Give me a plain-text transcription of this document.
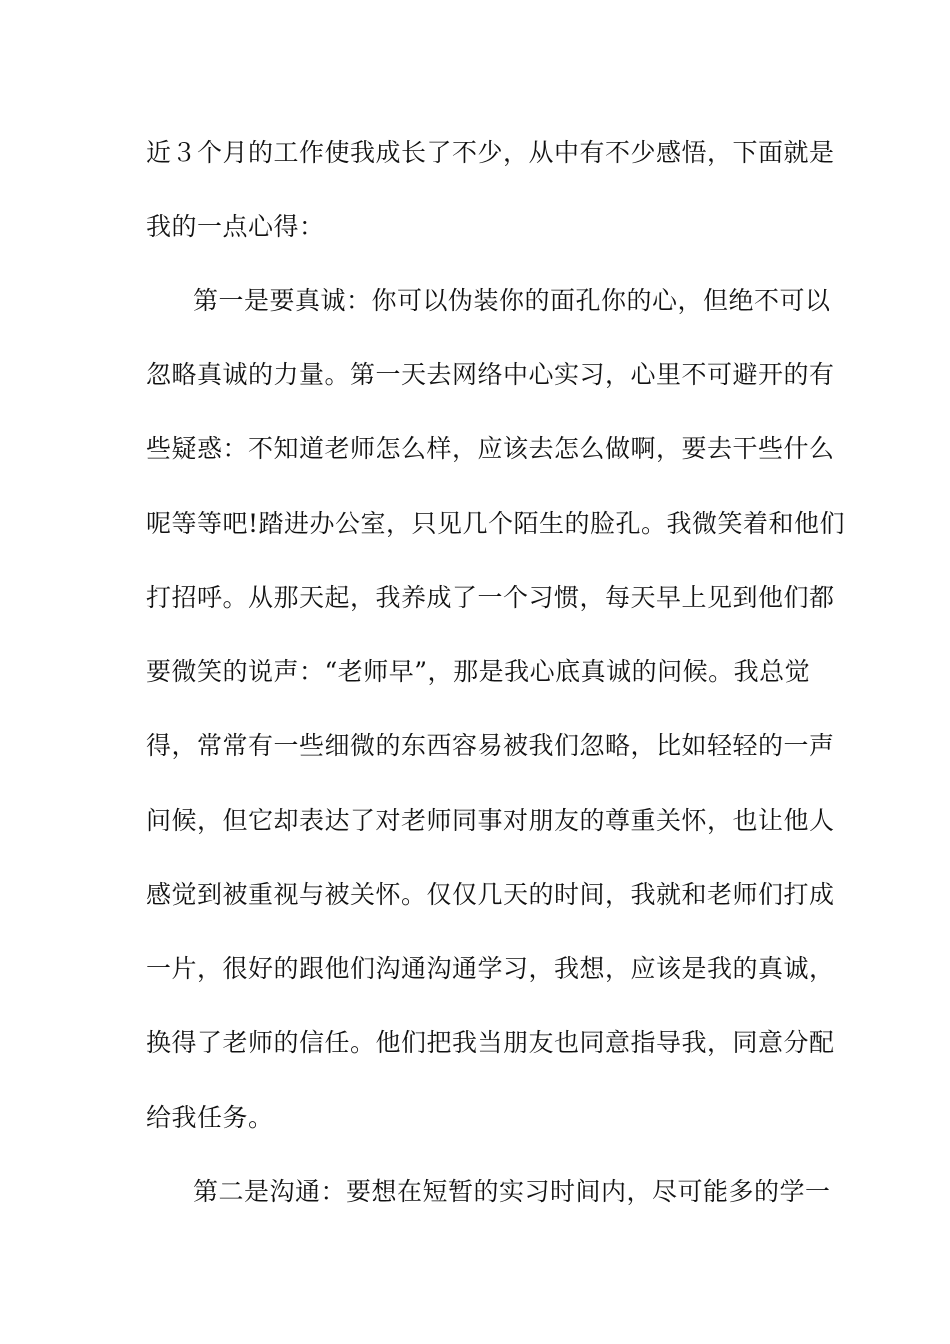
近３个月的工作使我成长了不少，从中有不少感悟，下面就是
我的一点心得：
第一是要真诚：你可以伪装你的面孔你的心，但绝不可以
忽略真诚的力量。第一天去网络中心实习，心里不可避开的有
些疑惑：不知道老师怎么样，应该去怎么做啊，要去干些什么
呢等等吧!踏进办公室，只见几个陌生的脸孔。我微笑着和他们
打招呼。从那天起，我养成了一个习惯，每天早上见到他们都
要微笑的说声：“老师早”，那是我心底真诚的问候。我总觉
得，常常有一些细微的东西容易被我们忽略，比如轻轻的一声
问候，但它却表达了对老师同事对朋友的尊重关怀，也让他人
感觉到被重视与被关怀。仅仅几天的时间，我就和老师们打成
一片，很好的跟他们沟通沟通学习，我想，应该是我的真诚，
换得了老师的信任。他们把我当朋友也同意指导我，同意分配
给我任务。
第二是沟通：要想在短暂的实习时间内，尽可能多的学一
